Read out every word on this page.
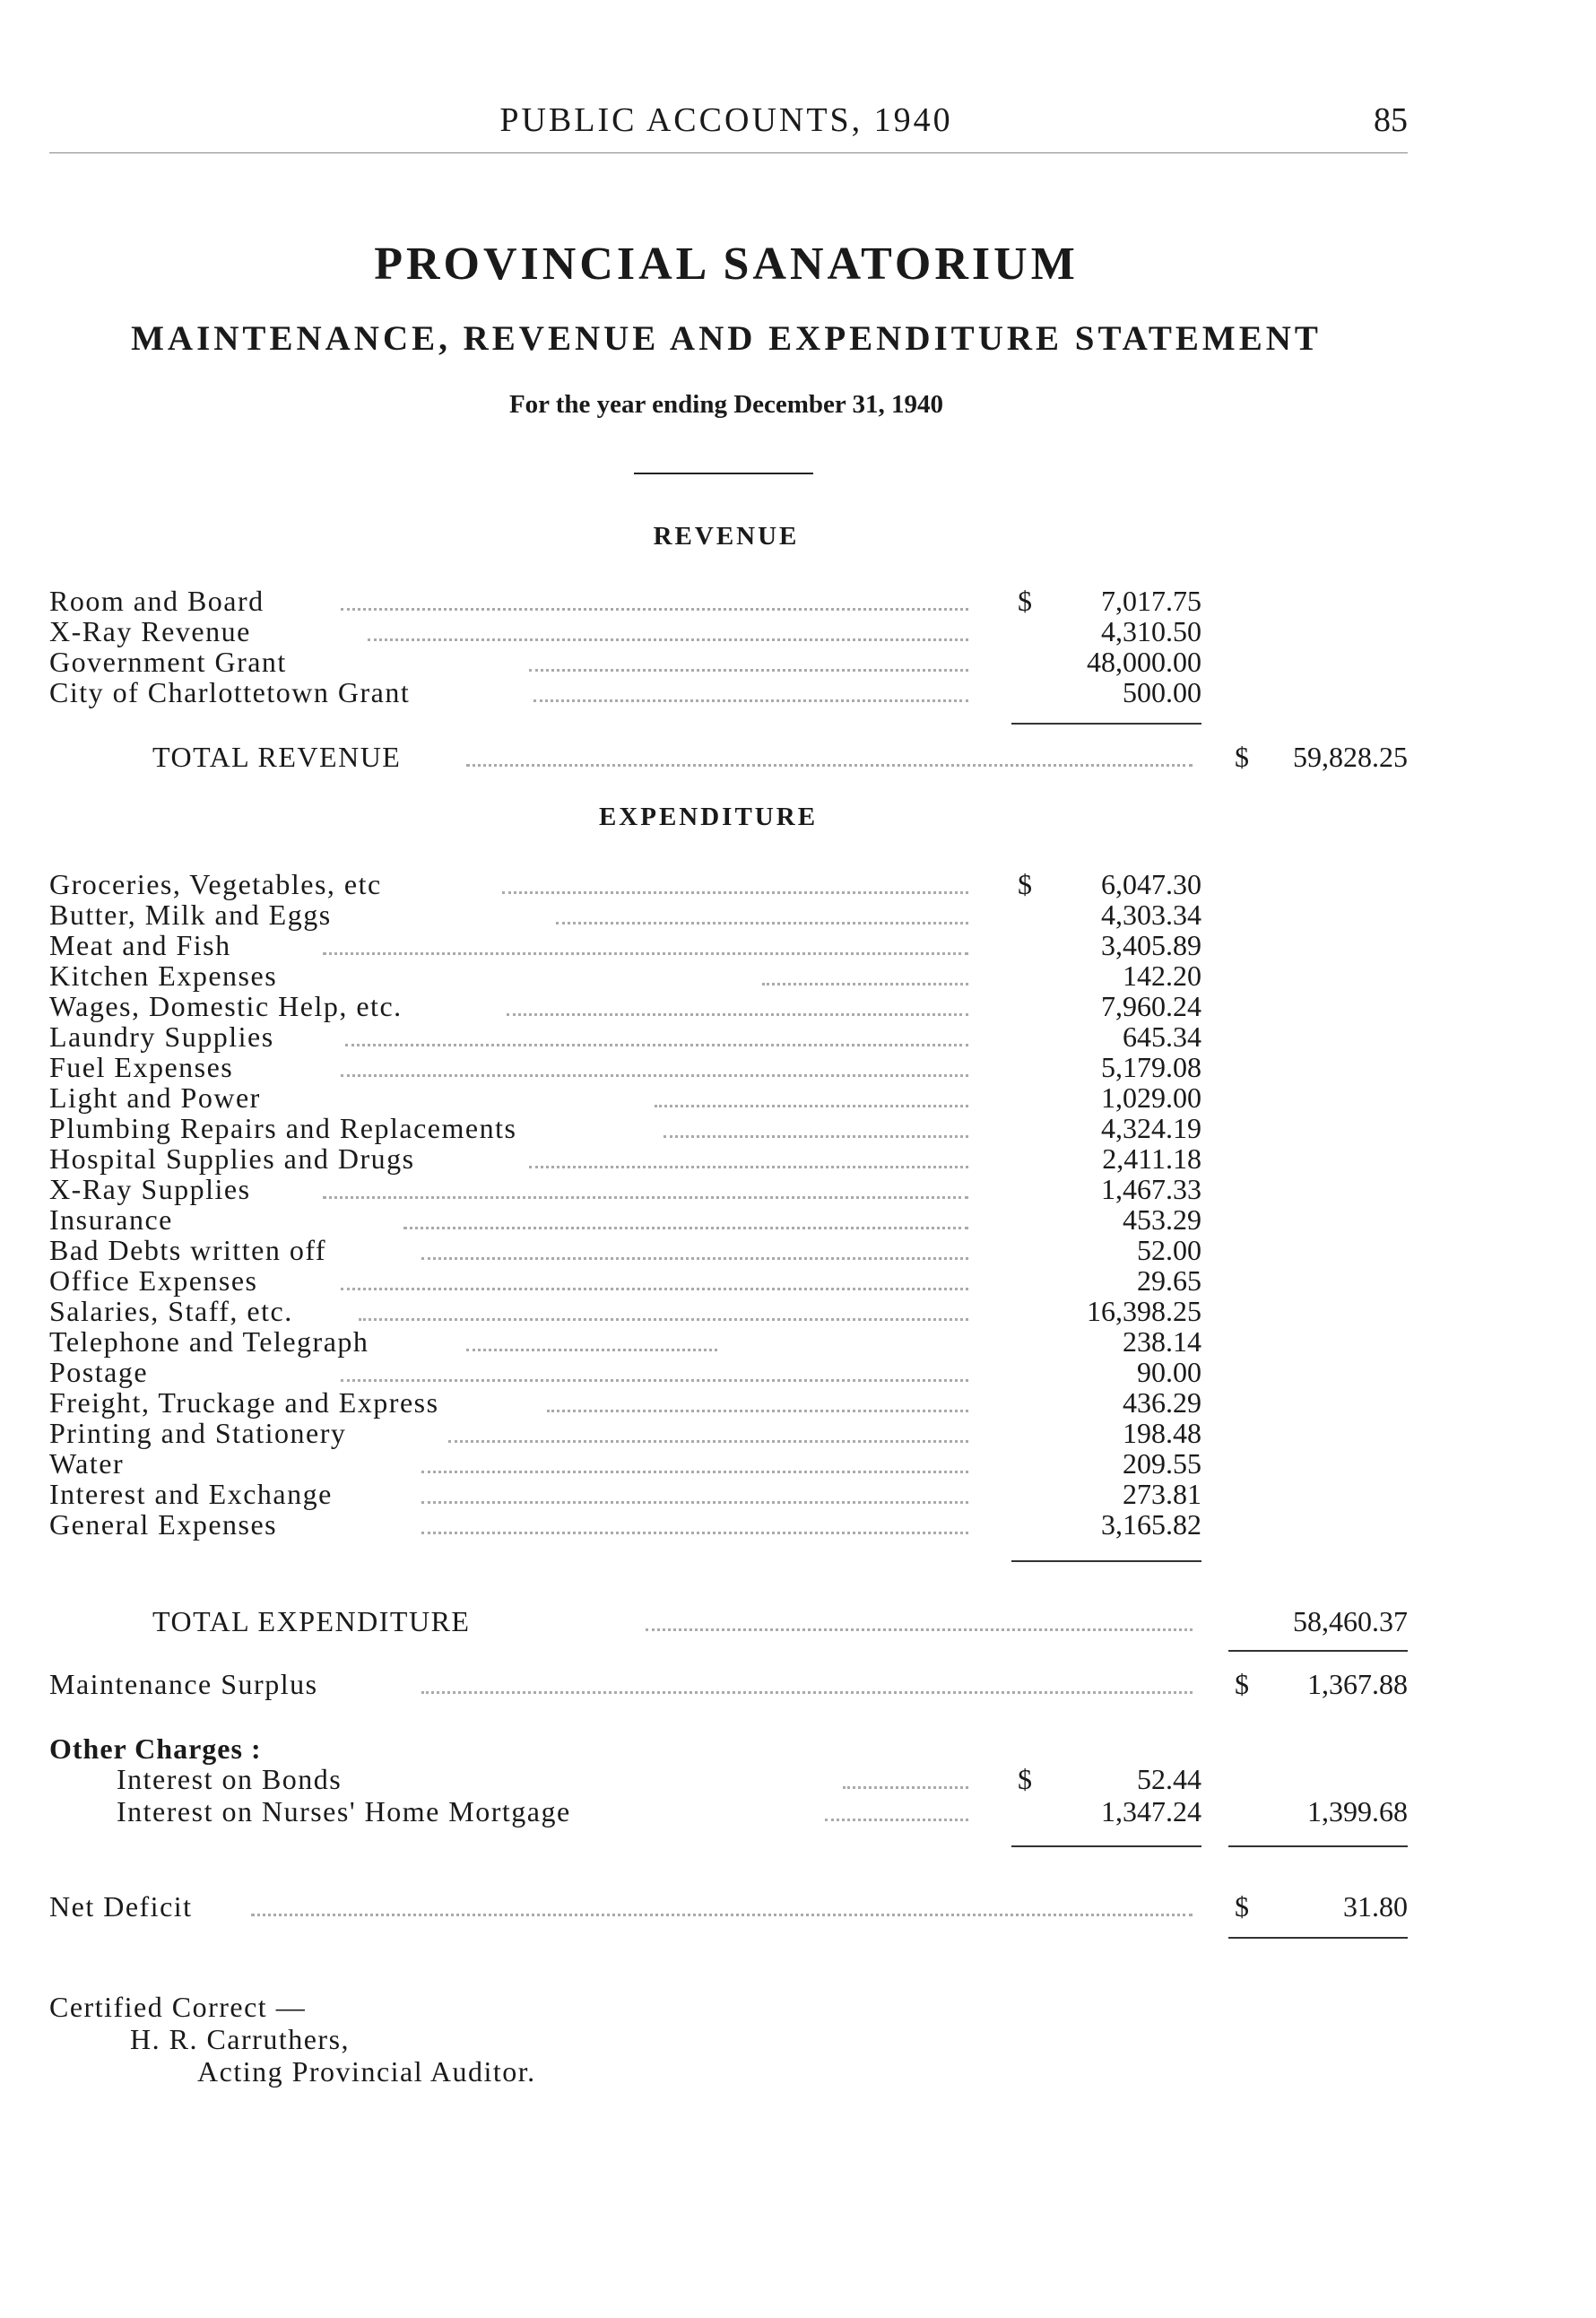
PUBLIC ACCOUNTS, 1940	85
PROVINCIAL SANATORIUM
MAINTENANCE, REVENUE AND EXPENDITURE STATEMENT
For the year ending December 31, 1940
REVENUE
Room and Board	$	7,017.75
X-Ray Revenue	4,310.50
Government Grant	48,000.00
City of Charlottetown Grant	500.00
TOTAL REVENUE	$	59,828.25
EXPENDITURE
Groceries, Vegetables, etc	$	6,047.30
Butter, Milk and Eggs	4,303.34
Meat and Fish	3,405.89
Kitchen Expenses	142.20
Wages, Domestic Help, etc.	7,960.24
Laundry Supplies	645.34
Fuel Expenses	5,179.08
Light and Power	1,029.00
Plumbing Repairs and Replacements	4,324.19
Hospital Supplies and Drugs	2,411.18
X-Ray Supplies	1,467.33
Insurance	453.29
Bad Debts written off	52.00
Office Expenses	29.65
Salaries, Staff, etc.	16,398.25
Telephone and Telegraph	238.14
Postage	90.00
Freight, Truckage and Express	436.29
Printing and Stationery	198.48
Water	209.55
Interest and Exchange	273.81
General Expenses	3,165.82
TOTAL EXPENDITURE	58,460.37
Maintenance Surplus	$	1,367.88
Other Charges :
Interest on Bonds	$	52.44
Interest on Nurses' Home Mortgage	1,347.24	1,399.68
Net Deficit	$	31.80
Certified Correct —
H. R. Carruthers,
Acting Provincial Auditor.
